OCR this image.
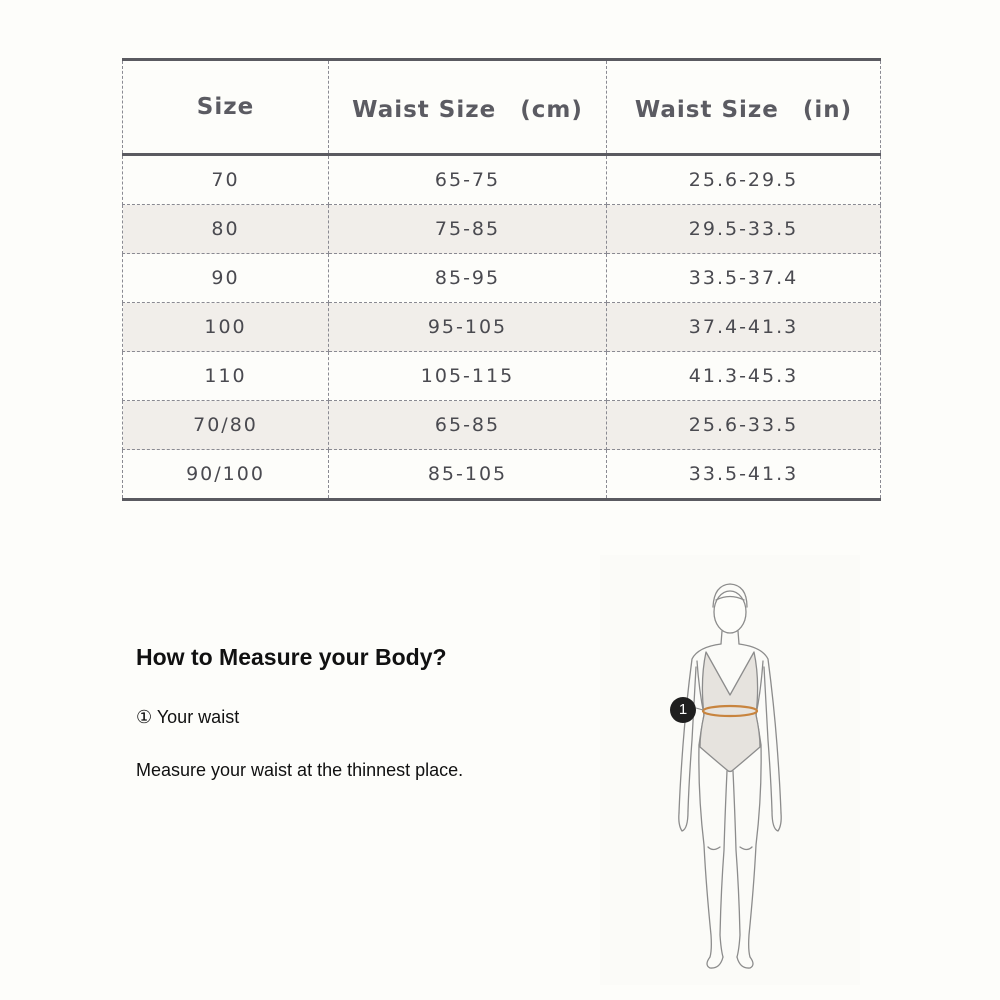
Size	Waist Size　(cm)	Waist Size　(in)
70	65-75	25.6-29.5
80	75-85	29.5-33.5
90	85-95	33.5-37.4
100	95-105	37.4-41.3
110	105-115	41.3-45.3
70/80	65-85	25.6-33.5
90/100	85-105	33.5-41.3
How to Measure your Body?
① Your waist
Measure your waist at the thinnest place.
1
